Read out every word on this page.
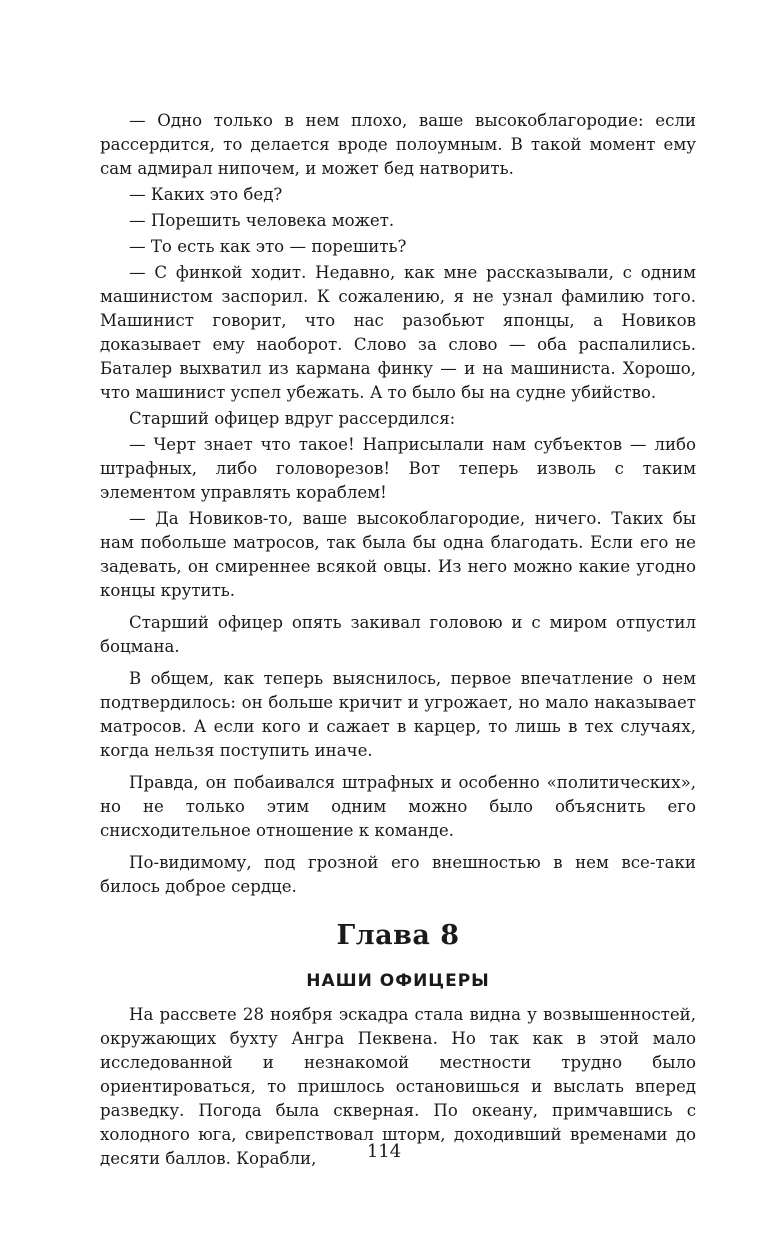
— Одно только в нем плохо, ваше высокоблагородие: если рассердится, то делается вроде полоумным. В такой момент ему сам адмирал нипочем, и может бед натворить.

— Каких это бед?

— Порешить человека может.

— То есть как это — порешить?

— С финкой ходит. Недавно, как мне рассказывали, с одним машинистом заспорил. К сожалению, я не узнал фамилию того. Машинист говорит, что нас разобьют японцы, а Новиков доказывает ему наоборот. Слово за слово — оба распалились. Баталер выхватил из кармана финку — и на машиниста. Хорошо, что машинист успел убежать. А то было бы на судне убийство.

Старший офицер вдруг рассердился:

— Черт знает что такое! Наприсылали нам субъектов — либо штрафных, либо головорезов! Вот теперь изволь с таким элементом управлять кораблем!

— Да Новиков-то, ваше высокоблагородие, ничего. Таких бы нам побольше матросов, так была бы одна благодать. Если его не задевать, он смиреннее всякой овцы. Из него можно какие угодно концы крутить.

Старший офицер опять закивал головою и с миром отпустил боцмана.

В общем, как теперь выяснилось, первое впечатление о нем подтвердилось: он больше кричит и угрожает, но мало наказывает матросов. А если кого и сажает в карцер, то лишь в тех случаях, когда нельзя поступить иначе.

Правда, он побаивался штрафных и особенно «политических», но не только этим одним можно было объяснить его снисходительное отношение к команде.

По-видимому, под грозной его внешностью в нем все-таки билось доброе сердце.

Глава 8
НАШИ ОФИЦЕРЫ

На рассвете 28 ноября эскадра стала видна у возвышенностей, окружающих бухту Ангра Пеквена. Но так как в этой мало исследованной и незнакомой местности трудно было ориентироваться, то пришлось остановишься и выслать вперед разведку. Погода была скверная. По океану, примчавшись с холодного юга, свирепствовал шторм, доходивший временами до десяти баллов. Корабли,	114
